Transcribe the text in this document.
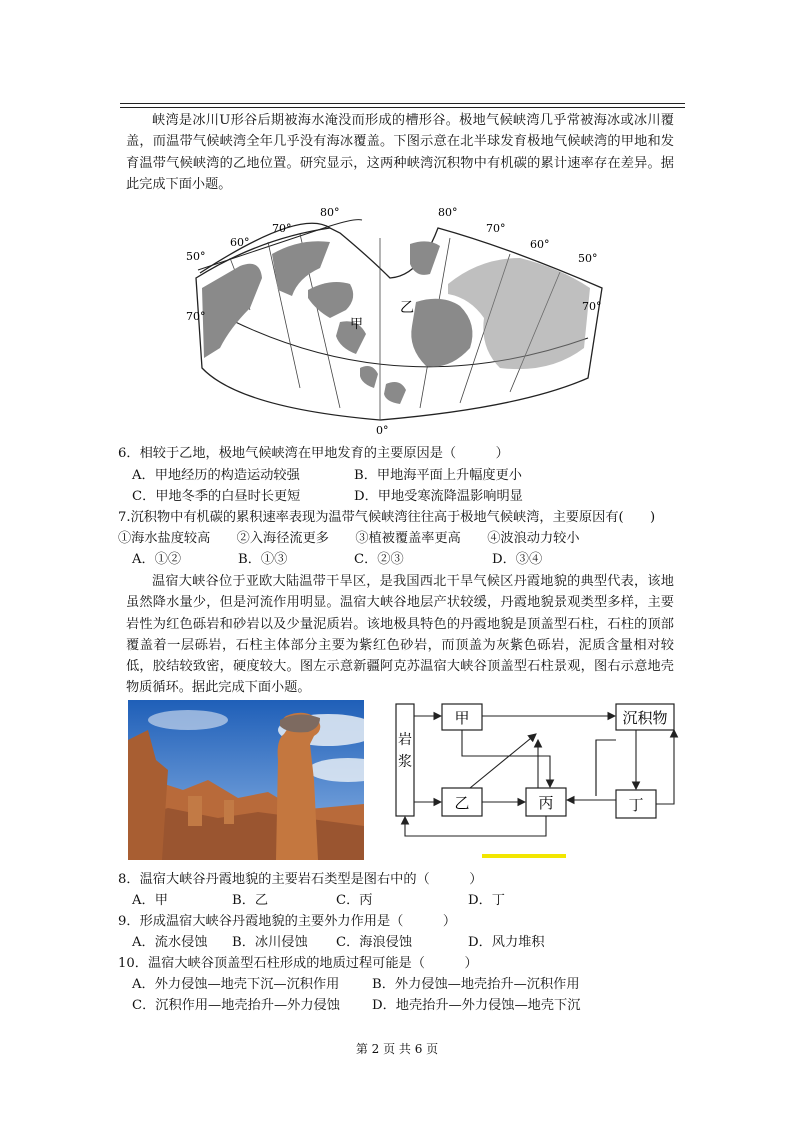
峡湾是冰川U形谷后期被海水淹没而形成的槽形谷。极地气候峡湾几乎常被海冰或冰川覆盖，而温带气候峡湾全年几乎没有海冰覆盖。下图示意在北半球发育极地气候峡湾的甲地和发育温带气候峡湾的乙地位置。研究显示，这两种峡湾沉积物中有机碳的累计速率存在差异。据此完成下面小题。

50°
60°
70°
80°	80°
70°
60°
50°
70°
70°
0°
甲
乙

6．相较于乙地，极地气候峡湾在甲地发育的主要原因是（　　　）

A．甲地经历的构造运动较强	B．甲地海平面上升幅度更小
C．甲地冬季的白昼时长更短	D．甲地受寒流降温影响明显

7.沉积物中有机碳的累积速率表现为温带气候峡湾往往高于极地气候峡湾，主要原因有(　　)

①海水盐度较高　　②入海径流更多　　③植被覆盖率更高　　④波浪动力较小

A．①②	B．①③	C．②③	D．③④

温宿大峡谷位于亚欧大陆温带干旱区，是我国西北干旱气候区丹霞地貌的典型代表，该地虽然降水量少，但是河流作用明显。温宿大峡谷地层产状较缓，丹霞地貌景观类型多样，主要岩性为红色砾岩和砂岩以及少量泥质岩。该地极具特色的丹霞地貌是顶盖型石柱，石柱的顶部覆盖着一层砾岩，石柱主体部分主要为紫红色砂岩，而顶盖为灰紫色砾岩，泥质含量相对较低，胶结较致密，硬度较大。图左示意新疆阿克苏温宿大峡谷顶盖型石柱景观，图右示意地壳物质循环。据此完成下面小题。

岩浆
甲	沉积物
乙	丙	丁

8．温宿大峡谷丹霞地貌的主要岩石类型是图右中的（　　　）

A．甲	B．乙	C．丙	D．丁

9．形成温宿大峡谷丹霞地貌的主要外力作用是（　　　）

A．流水侵蚀 B．冰川侵蚀 C．海浪侵蚀	D．风力堆积

10．温宿大峡谷顶盖型石柱形成的地质过程可能是（　　　）

A．外力侵蚀—地壳下沉—沉积作用 B．外力侵蚀—地壳抬升—沉积作用
C．沉积作用—地壳抬升—外力侵蚀 D．地壳抬升—外力侵蚀—地壳下沉
第 2 页 共 6 页
